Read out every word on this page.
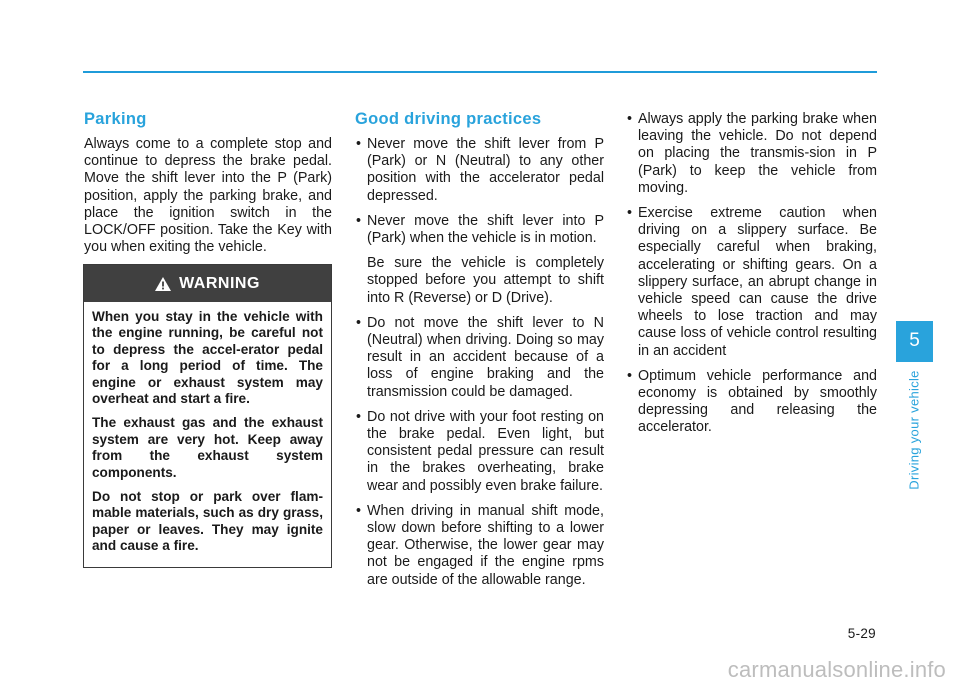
Parking

Always come to a complete stop and continue to depress the brake pedal. Move the shift lever into the P (Park) position, apply the parking brake, and place the ignition switch in the LOCK/OFF position. Take the Key with you when exiting the vehicle.

WARNING

When you stay in the vehicle with the engine running, be careful not to depress the accel-erator pedal for a long period of time. The engine or exhaust system may overheat and start a fire.

The exhaust gas and the exhaust system are very hot. Keep away from the exhaust system components.

Do not stop or park over flam-mable materials, such as dry grass, paper or leaves. They may ignite and cause a fire.

Good driving practices

• Never move the shift lever from P (Park) or N (Neutral) to any other position with the accelerator pedal depressed.

• Never move the shift lever into P (Park) when the vehicle is in motion.

Be sure the vehicle is completely stopped before you attempt to shift into R (Reverse) or D (Drive).

• Do not move the shift lever to N (Neutral) when driving. Doing so may result in an accident because of a loss of engine braking and the transmission could be damaged.

• Do not drive with your foot resting on the brake pedal. Even light, but consistent pedal pressure can result in the brakes overheating, brake wear and possibly even brake failure.

• When driving in manual shift mode, slow down before shifting to a lower gear. Otherwise, the lower gear may not be engaged if the engine rpms are outside of the allowable range.

• Always apply the parking brake when leaving the vehicle. Do not depend on placing the transmis-sion in P (Park) to keep the vehicle from moving.

• Exercise extreme caution when driving on a slippery surface. Be especially careful when braking, accelerating or shifting gears. On a slippery surface, an abrupt change in vehicle speed can cause the drive wheels to lose traction and may cause loss of vehicle control resulting in an accident

• Optimum vehicle performance and economy is obtained by smoothly depressing and releasing the accelerator.

5
Driving your vehicle
5-29
carmanualsonline.info
